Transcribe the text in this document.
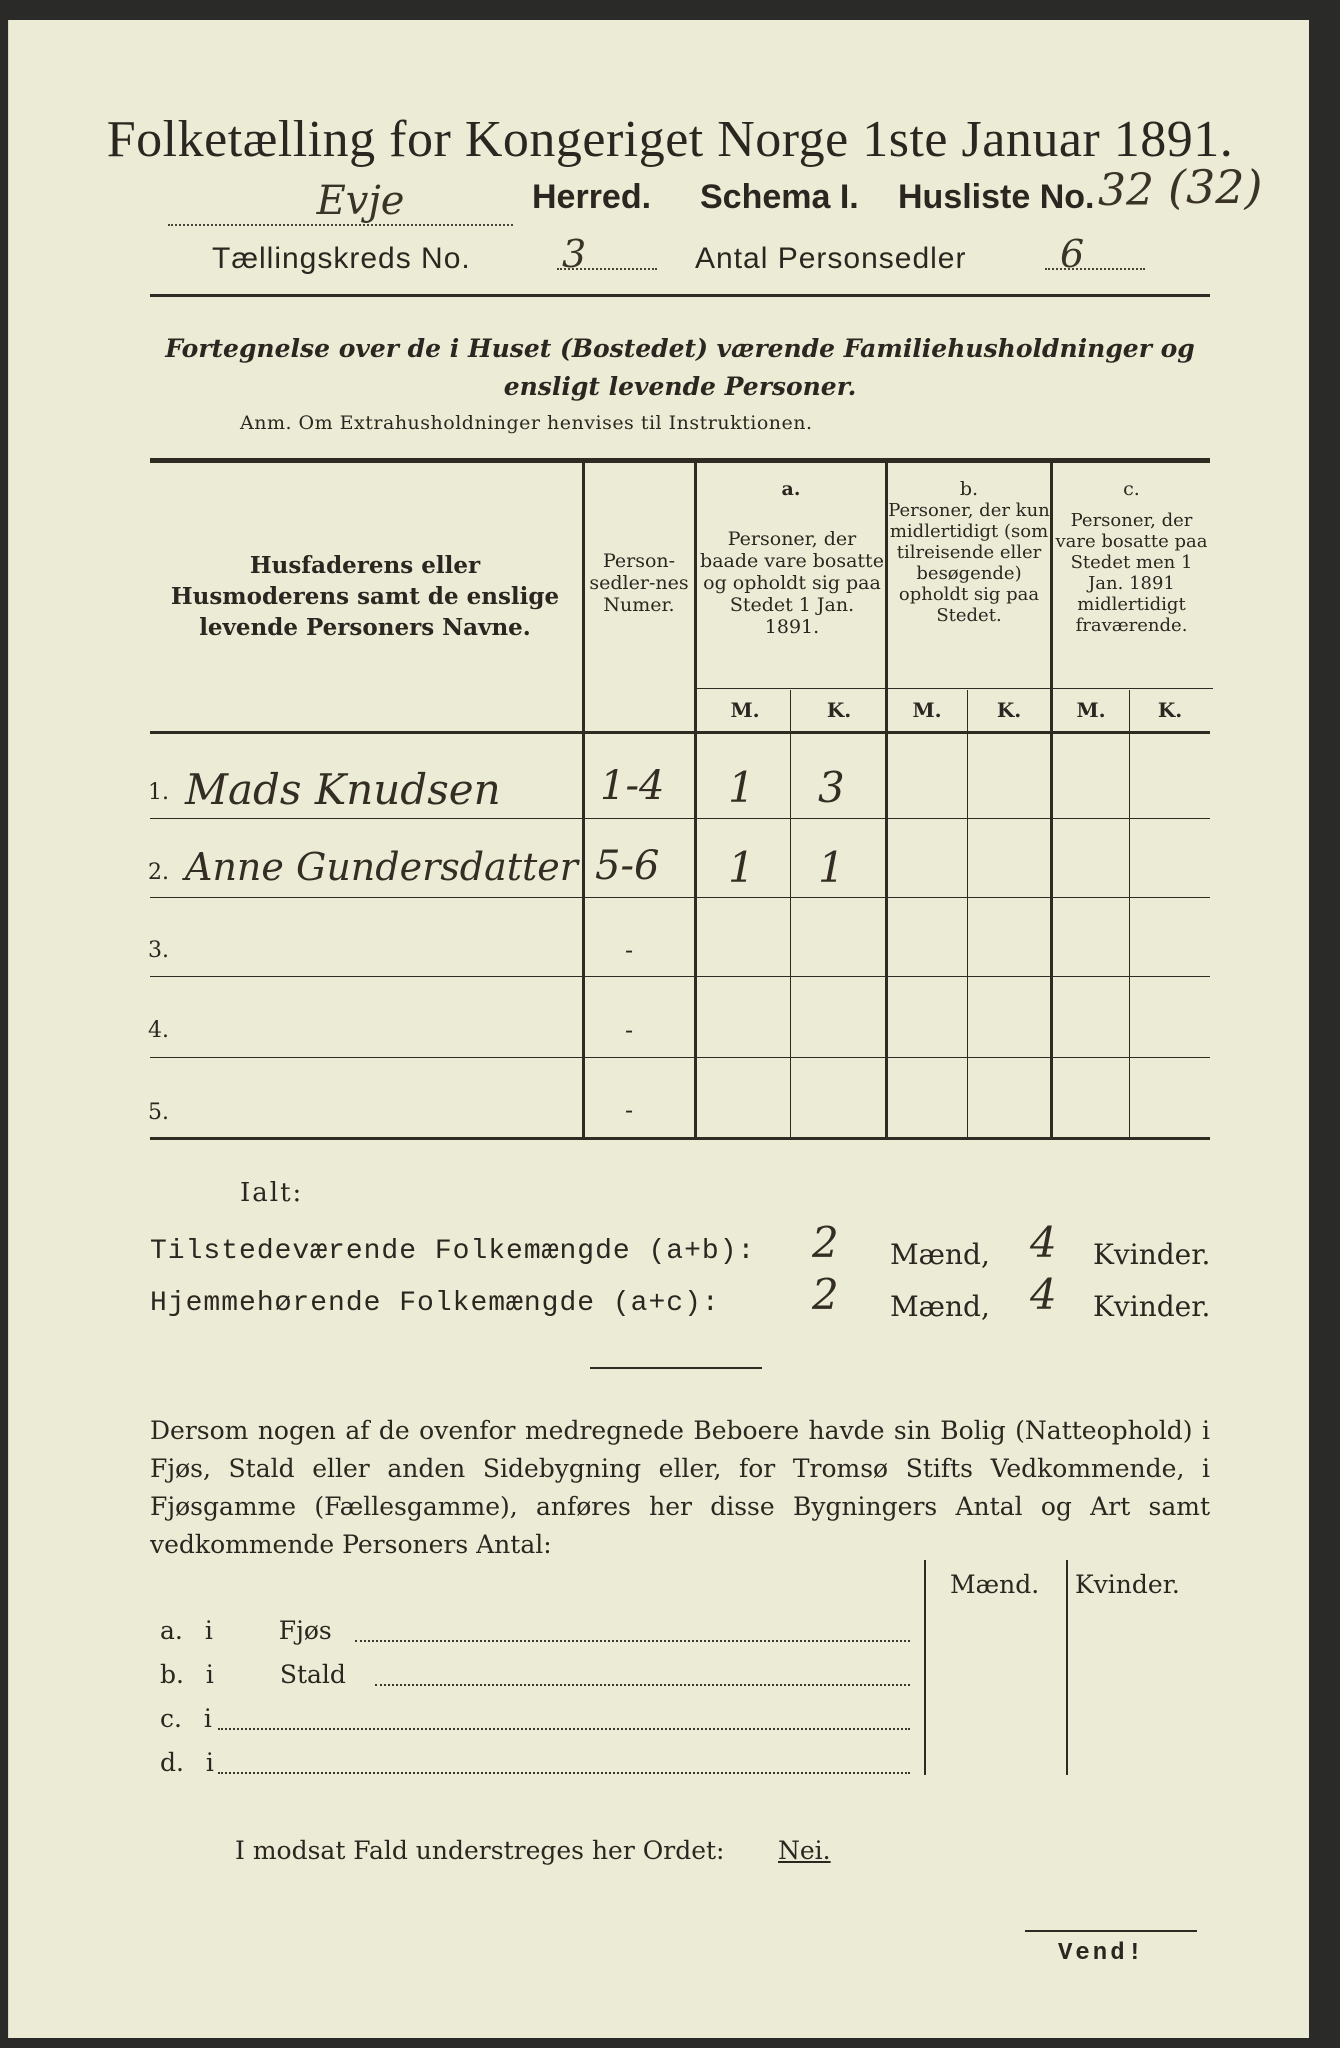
Folketælling for Kongeriget Norge 1ste Januar 1891.
Evje	Herred. Schema I. Husliste No. 32 (32)
Tællingskreds No. 3	Antal Personsedler 6
Fortegnelse over de i Huset (Bostedet) værende Familiehusholdninger og ensligt levende Personer.
Anm. Om Extrahusholdninger henvises til Instruktionen.
Husfaderens eller Husmoderens samt de enslige levende Personers Navne.
Person-sedler-nes Numer.
a.
Personer, der baade vare bosatte og opholdt sig paa Stedet 1 Jan. 1891.
b.
Personer, der kun midlertidigt (som tilreisende eller besøgende) opholdt sig paa Stedet.
c.
Personer, der vare bosatte paa Stedet men 1 Jan. 1891 midlertidigt fraværende.
M.	K.	M.	K.	M.	K.
1. Mads Knudsen 1-4 1 3
2. Anne Gundersdatter 5-6 1 1
3.	-
4.	-
5.	-
Ialt:
Tilstedeværende Folkemængde (a+b): 2 Mænd, 4 Kvinder.
Hjemmehørende Folkemængde (a+c): 2 Mænd, 4 Kvinder.
Dersom nogen af de ovenfor medregnede Beboere havde sin Bolig (Natteophold) i Fjøs, Stald eller anden Sidebygning eller, for Tromsø Stifts Vedkommende, i Fjøsgamme (Fællesgamme), anføres her disse Bygningers Antal og Art samt vedkommende Personers Antal:
Mænd. Kvinder.
a. i	Fjøs
b. i	Stald
c. i
d. i
I modsat Fald understreges her Ordet: Nei.
Vend!
